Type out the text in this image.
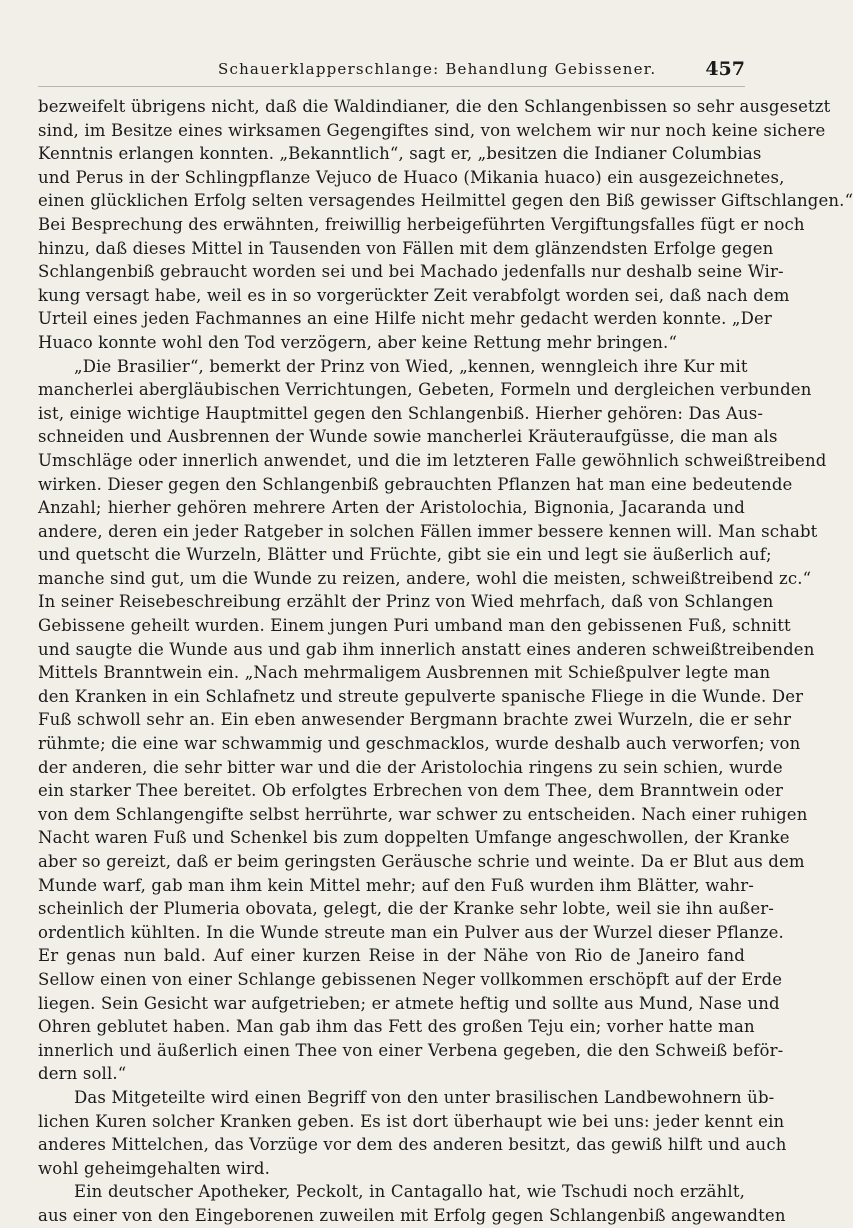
Schauerklapperschlange: Behandlung Gebissener.	457
bezweifelt übrigens nicht, daß die Waldindianer, die den Schlangenbissen so sehr ausgesetzt
sind, im Besitze eines wirksamen Gegengiftes sind, von welchem wir nur noch keine sichere
Kenntnis erlangen konnten. „Bekanntlich“, sagt er, „besitzen die Indianer Columbias
und Perus in der Schlingpflanze Vejuco de Huaco (Mikania huaco) ein ausgezeichnetes,
einen glücklichen Erfolg selten versagendes Heilmittel gegen den Biß gewisser Giftschlangen.“
Bei Besprechung des erwähnten, freiwillig herbeigeführten Vergiftungsfalles fügt er noch
hinzu, daß dieses Mittel in Tausenden von Fällen mit dem glänzendsten Erfolge gegen
Schlangenbiß gebraucht worden sei und bei Machado jedenfalls nur deshalb seine Wir-
kung versagt habe, weil es in so vorgerückter Zeit verabfolgt worden sei, daß nach dem
Urteil eines jeden Fachmannes an eine Hilfe nicht mehr gedacht werden konnte. „Der
Huaco konnte wohl den Tod verzögern, aber keine Rettung mehr bringen.“
„Die Brasilier“, bemerkt der Prinz von Wied, „kennen, wenngleich ihre Kur mit
mancherlei abergläubischen Verrichtungen, Gebeten, Formeln und dergleichen verbunden
ist, einige wichtige Hauptmittel gegen den Schlangenbiß. Hierher gehören: Das Aus-
schneiden und Ausbrennen der Wunde sowie mancherlei Kräuteraufgüsse, die man als
Umschläge oder innerlich anwendet, und die im letzteren Falle gewöhnlich schweißtreibend
wirken. Dieser gegen den Schlangenbiß gebrauchten Pflanzen hat man eine bedeutende
Anzahl; hierher gehören mehrere Arten der Aristolochia, Bignonia, Jacaranda und
andere, deren ein jeder Ratgeber in solchen Fällen immer bessere kennen will. Man schabt
und quetscht die Wurzeln, Blätter und Früchte, gibt sie ein und legt sie äußerlich auf;
manche sind gut, um die Wunde zu reizen, andere, wohl die meisten, schweißtreibend zc.“
In seiner Reisebeschreibung erzählt der Prinz von Wied mehrfach, daß von Schlangen
Gebissene geheilt wurden. Einem jungen Puri umband man den gebissenen Fuß, schnitt
und saugte die Wunde aus und gab ihm innerlich anstatt eines anderen schweißtreibenden
Mittels Branntwein ein. „Nach mehrmaligem Ausbrennen mit Schießpulver legte man
den Kranken in ein Schlafnetz und streute gepulverte spanische Fliege in die Wunde. Der
Fuß schwoll sehr an. Ein eben anwesender Bergmann brachte zwei Wurzeln, die er sehr
rühmte; die eine war schwammig und geschmacklos, wurde deshalb auch verworfen; von
der anderen, die sehr bitter war und die der Aristolochia ringens zu sein schien, wurde
ein starker Thee bereitet. Ob erfolgtes Erbrechen von dem Thee, dem Branntwein oder
von dem Schlangengifte selbst herrührte, war schwer zu entscheiden. Nach einer ruhigen
Nacht waren Fuß und Schenkel bis zum doppelten Umfange angeschwollen, der Kranke
aber so gereizt, daß er beim geringsten Geräusche schrie und weinte. Da er Blut aus dem
Munde warf, gab man ihm kein Mittel mehr; auf den Fuß wurden ihm Blätter, wahr-
scheinlich der Plumeria obovata, gelegt, die der Kranke sehr lobte, weil sie ihn außer-
ordentlich kühlten. In die Wunde streute man ein Pulver aus der Wurzel dieser Pflanze.
Er genas nun bald. Auf einer kurzen Reise in der Nähe von Rio de Janeiro fand
Sellow einen von einer Schlange gebissenen Neger vollkommen erschöpft auf der Erde
liegen. Sein Gesicht war aufgetrieben; er atmete heftig und sollte aus Mund, Nase und
Ohren geblutet haben. Man gab ihm das Fett des großen Teju ein; vorher hatte man
innerlich und äußerlich einen Thee von einer Verbena gegeben, die den Schweiß beför-
dern soll.“
Das Mitgeteilte wird einen Begriff von den unter brasilischen Landbewohnern üb-
lichen Kuren solcher Kranken geben. Es ist dort überhaupt wie bei uns: jeder kennt ein
anderes Mittelchen, das Vorzüge vor dem des anderen besitzt, das gewiß hilft und auch
wohl geheimgehalten wird.
Ein deutscher Apotheker, Peckolt, in Cantagallo hat, wie Tschudi noch erzählt,
aus einer von den Eingeborenen zuweilen mit Erfolg gegen Schlangenbiß angewandten
